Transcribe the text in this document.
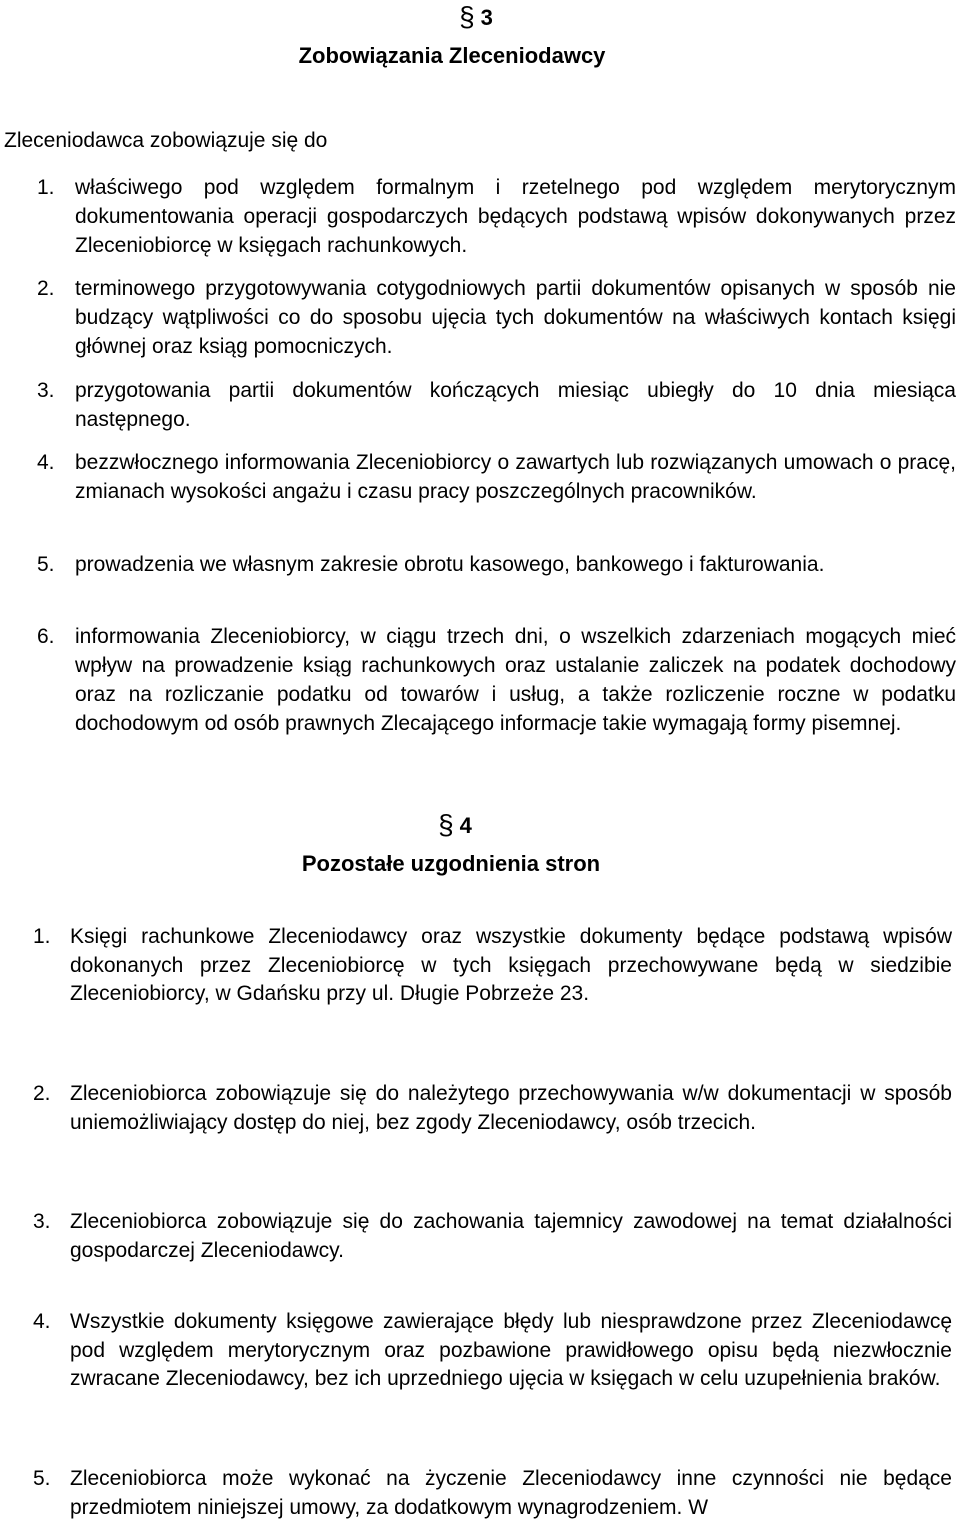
§ 3
Zobowiązania Zleceniodawcy
Zleceniodawca zobowiązuje się do
1. właściwego pod względem formalnym i rzetelnego pod względem merytorycznym dokumentowania operacji gospodarczych będących podstawą wpisów dokonywanych przez Zleceniobiorcę w księgach rachunkowych.
2. terminowego przygotowywania cotygodniowych partii dokumentów opisanych w sposób nie budzący wątpliwości co do sposobu ujęcia tych dokumentów na właściwych kontach księgi głównej oraz ksiąg pomocniczych.
3. przygotowania partii dokumentów kończących miesiąc ubiegły do 10 dnia miesiąca następnego.
4. bezzwłocznego informowania Zleceniobiorcy o zawartych lub rozwiązanych umowach o pracę, zmianach wysokości angażu i czasu pracy poszczególnych pracowników.
5. prowadzenia we własnym zakresie obrotu kasowego, bankowego i fakturowania.
6. informowania Zleceniobiorcy, w ciągu trzech dni, o wszelkich zdarzeniach mogących mieć wpływ na prowadzenie ksiąg rachunkowych oraz ustalanie zaliczek na podatek dochodowy oraz na rozliczanie podatku od towarów i usług, a także rozliczenie roczne w podatku dochodowym od osób prawnych Zlecającego informacje takie wymagają formy pisemnej.
§ 4
Pozostałe uzgodnienia stron
1. Księgi rachunkowe Zleceniodawcy oraz wszystkie dokumenty będące podstawą wpisów dokonanych przez Zleceniobiorcę w tych księgach przechowywane będą w siedzibie Zleceniobiorcy, w Gdańsku przy ul. Długie Pobrzeże 23.
2. Zleceniobiorca zobowiązuje się do należytego przechowywania w/w dokumentacji w sposób uniemożliwiający dostęp do niej, bez zgody Zleceniodawcy, osób trzecich.
3. Zleceniobiorca zobowiązuje się do zachowania tajemnicy zawodowej na temat działalności gospodarczej Zleceniodawcy.
4. Wszystkie dokumenty księgowe zawierające błędy lub niesprawdzone przez Zleceniodawcę pod względem merytorycznym oraz pozbawione prawidłowego opisu będą niezwłocznie zwracane Zleceniodawcy, bez ich uprzedniego ujęcia w księgach w celu uzupełnienia braków.
5. Zleceniobiorca może wykonać na życzenie Zleceniodawcy inne czynności nie będące przedmiotem niniejszej umowy, za dodatkowym wynagrodzeniem. W
